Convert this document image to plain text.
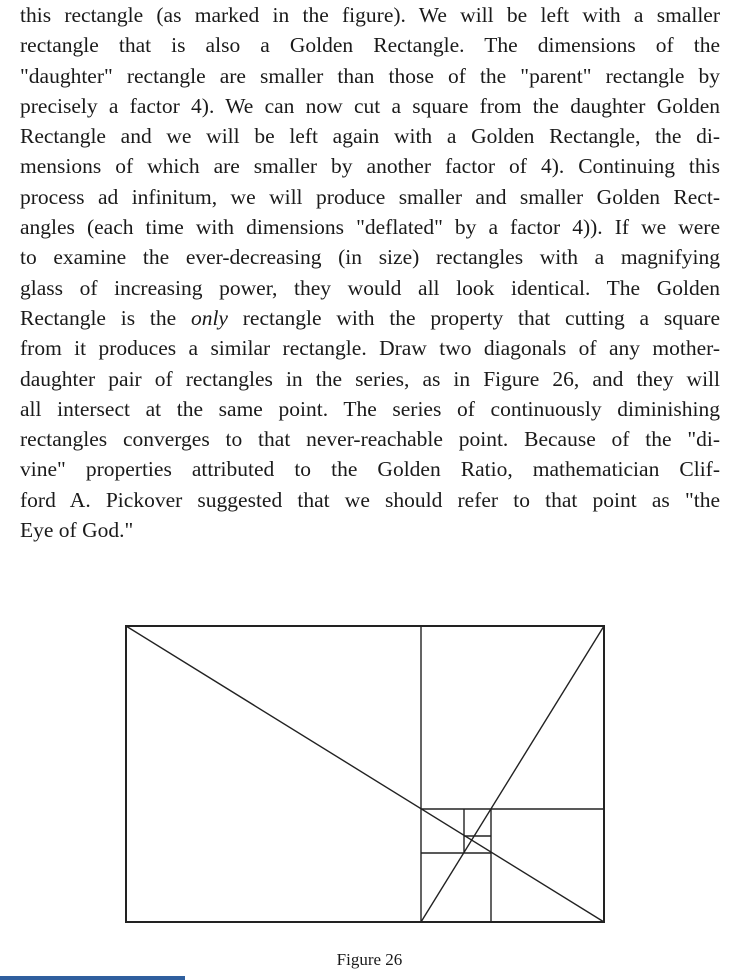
this rectangle (as marked in the figure). We will be left with a smaller
rectangle that is also a Golden Rectangle. The dimensions of the
"daughter" rectangle are smaller than those of the "parent" rectangle by
precisely a factor 4). We can now cut a square from the daughter Golden
Rectangle and we will be left again with a Golden Rectangle, the di-
mensions of which are smaller by another factor of 4). Continuing this
process ad infinitum, we will produce smaller and smaller Golden Rect-
angles (each time with dimensions "deflated" by a factor 4)). If we were
to examine the ever-decreasing (in size) rectangles with a magnifying
glass of increasing power, they would all look identical. The Golden
Rectangle is the only rectangle with the property that cutting a square
from it produces a similar rectangle. Draw two diagonals of any mother-
daughter pair of rectangles in the series, as in Figure 26, and they will
all intersect at the same point. The series of continuously diminishing
rectangles converges to that never-reachable point. Because of the "di-
vine" properties attributed to the Golden Ratio, mathematician Clif-
ford A. Pickover suggested that we should refer to that point as "the
Eye of God."
Figure 26
